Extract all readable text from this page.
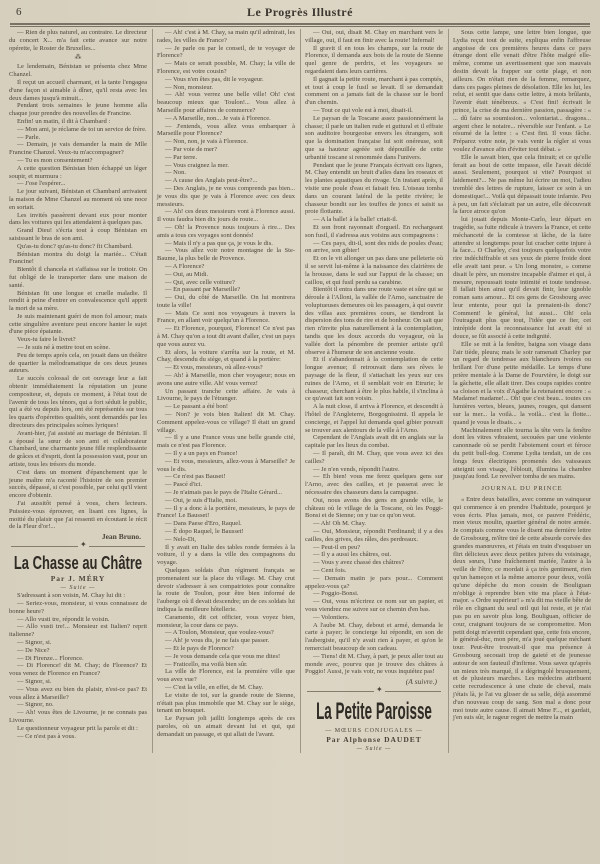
6	Le Progrès Illustré

— Rien de plus naturel, au contraire. Le directeur du concert X... m'a fait cette avance sur notre opérette, le Roster de Bruxelles...

⁂

Le lendemain, Bénistan se présenta chez Mme Chanzel.

Il reçut un accueil charmant, et la tante l'engagea d'une façon si aimable à dîner, qu'il resta avec les deux dames jusqu'à minuit...

Pendant trois semaines le jeune homme alla chaque jour prendre des nouvelles de Francine.

Enfin! un matin, il dit à Chambard :

— Mon ami, je réclame de toi un service de frère.

— Parle.

— Demain, je vais demander la main de Mlle Francine Chanzel. Veux-tu m'accompagner?

— Tu es mon consentement?

A cette question Bénistan bien échappé un léger soupir, et murmura :

— J'ose l'espérer...

Le jour suivant, Bénistan et Chambard arrivaient la maison de Mme Chanzel au moment où une noce en sortait.

Les invités passèrent devant eux pour monter dans les voitures qui les attendaient à quelques pas.

Grand Dieu! s'écria tout à coup Bénistan en saisissant le bras de son ami.

Qu'as-tu donc? qu'as-tu donc? fit Chambard.

Bénistan montra du doigt la mariée... C'était Francine!

Bientôt il chancela et s'affaissa sur le trottoir. On fut obligé de le transporter dans une maison de santé.

Bénistan fit une longue et cruelle maladie. Il rendit à peine d'entrer en convalescence qu'il apprit la mort de sa mère.

Je suis maintenant guéri de mon fol amour; mais cette singulière aventure peut encore hanter le sujet d'une pièce épatante.

Veux-tu faire le livret?

— Je suis né à mettre tout en scène.

Peu de temps après cela, on jouait dans un théâtre de quartier la mélodramatique de ces deux jeunes auteurs.

Le succès colossal de cet ouvrage leur a fait obtenir immédiatement la réputation un jeune compositeur, et, depuis ce moment, à l'état tout de l'avenir de tous les ténors, qui a fort séduit le public, qui a été vu depuis lors, ont été représentés sur tous les quarts d'opérettes qualités, sont demandés par les directeurs des principales scènes lyriques!

Avant-hier, j'ai assisté au mariage de Bénistan. Il a épousé la sœur de son ami et collaborateur Chambard, une charmante jeune fille resplendissante de grâces et d'esprit, dont la possession vaut, pour un artiste, tous les trésors du monde.

C'est dans un moment d'épanchement que le jeune maître m'a raconté l'histoire de son premier succès, dépassé, si c'est possible, par celui qu'il vient encore d'obtenir.

J'ai aussitôt pensé à vous, chers lecteurs. Puissiez-vous éprouver, en lisant ces lignes, la moitié du plaisir que j'ai ressenti en écoutant le récit de la Fleur d'or!...

Jean Bruno.
✦
La Chasse au Châtre
Par J. MÉRY
— Suite —

S'adressant à son voisin, M. Chay lui dit :

— Seriez-vous, monsieur, si vous connaissez de bonne heure?

— Allo vusti tre, répondit le voisin.

— Allo vusti tre!... Monsieur est Italien? reprit italienne?

— Signor, si.

— De Nice?

— Di Firenze... Florence.

— Di Florence! dit M. Chay; de Florence? Et vous venez de Florence en France?

— Signor, si.

— Vous avez eu bien du plaisir, n'est-ce pas? Et vous allez à Marseille?

— Signor, no.

— Ah! vous êtes de Livourne, je ne connais pas Livourne.

Le questionneur voyageur prit la parole et dit :

— Ce n'est pas à vous.

— Ah! c'est à M. Chay, sa main qu'il admirait, les rades, les villes de France?

— Je parle ou par le conseil, de te voyager de Florence?

— Mais ce serait possible, M. Chay; la ville de Florence, est votre cousin?

— Vous n'en êtes pas, dit le voyageur.

— Non, monsieur.

— Ah! vous verrez une belle ville! Oh! c'est beaucoup mieux que Toulon!... Vous allez à Marseille pour affaires de commerce?

— A Marseille, non... Je vais à Florence.

— J'entends, vous allez vous embarquer à Marseille pour Florence?

— Non, non, je vais à Florence.

— Par voie de mer?

— Par terre.

— Vous craignez la mer.

— Non.

— A cause des Anglais peut-être?...

— Des Anglais, je ne vous comprends pas bien... je vous dis que je vais à Florence avec ces deux messieurs.

— Ah! ces deux messieurs vont à Florence aussi. Il vous faudra bien dix jours de route...

— Oh! la Provence nous toujours à rire... Des amis a tous ces voyages sont donnés!

— Mais il n'y a pas que ça, je vous le dis.

— Vous allez voir notre montagne de la Ste-Baume, la plus belle de Provence.

— A Florence?

— Oui, au Midi.

— Qui, avec celle voiture?

— En passant par Marseille?

— Oui, du côté de Marseille. On lui montrera toute la ville!

— Mais Ce sont nos voyageurs à travers la France, en allant voir quelqu'un à Florence.

— Et Florence, pourquoi, Florence! Ce n'est pas à M. Chay qu'on a tout dit avant d'aller, c'est un pays que vous aurez vu.

Et alors, la voiture s'arrêta sur la route, et M. Chay, descendu du siège, et quand à la portière:

— Et vous, messieurs, où allez-vous?

— Ah! à Marseille, mon cher voyageur; nous en avons une autre ville. Ah! vous verrez!

Un passant tranche cette affaire. Je vais à Livourne, le pays de l'étranger.

— Le passant a été bon!

— Non? je vois bien Italien! dit M. Chay. Comment appelez-vous ce village? Il était un grand village.

— Il y a une France vous une belle grande cité, mais ce n'est pas Florence.

— Il y a un pays en France!

— Et vous, messieurs, allez-vous à Marseille? Je vous le dis.

— Ce n'est pas Bauset!

— Pascé d'ici.

— Je n'aimais pas le pays de l'Italie Gérard...

— Oui, je suis d'Italie, moi.

— Il y a donc à la portière, messieurs, le pays de France! Le Bausset!

— Dans Paese d'Ero, Raquel.

— È dopo Raquel, le Bausset!

— Nelo-Di,

Il y avait en Italie des tables ronde fermées à la voiture, il y a dans la ville des compagnons du voyage.

Quelques soldats d'un régiment français se promenaient sur la place du village. M. Chay crut devoir s'adresser à ses compatriotes pour connaître la route de Toulon, pour être bien informé de l'auberge où il devait descendre; un de ces soldats lui indiqua la meilleure hôtellerie.

Caramento, dit cet officier, vous voyez bien, monsieur, la cour dans ce pays.

— A Toulon, Monsieur, que voulez-vous?

— Ah! je vous dis, je ne fais que passer.

— Et le pays de Florence?

— Je vous demande cela que vous me dites!

— Fraticello, ma voilà bien sûr.

La ville de Florence, est la première ville que vous avez vue?

— C'est la ville, en effet, de M. Chay.

Le visite de toi, sur la grande route de Sienne, n'était pas plus immobile que M. Chay sur le siège, tenant un bouquet.

Le Paysan joli jaillit longtemps après de ces paroles, où un aimait devant lui et qui, qui demandait un passage, et qui allait de l'avant.

— Oui, oui, disait M. Chay en marchant vers le village, oui, il faut en finir avec la route! Infernal!

Il gravit il en tous les champs, sur la route de Florence, il demanda aux bois de la route de Sienne quel genre de perdrix, et les voyageurs se regardaient dans leurs carrières.

Il gagnait la petite route, marchant à pas comptés, et tout à coup le fusil se levait. Il se demandait comment on a jamais fait de la chasse sur le bord d'un chemin.

— Tout ce qui vole est à moi, disait-il.

Le paysan de la Toscane assez passionnément la chasse; il parle un italien rude et guttural et il effraie son auditoire bourgeoise envers les étrangers, soit que la domination française lui soit onéreuse, soit que sa hauteur agréée soit dépouillée de cette urbanité toscane si renommée dans l'univers.

Pendant que le jeune Français écrivait ces lignes, M. Chay entendit un bruit d'ailes dans les roseaux et les plantes aquatiques du rivage. Un instant après, il visite une poule d'eau et faisait feu. L'oiseau tomba dans un courant latéral de la petite rivière; le chasseur bondit sur les touffes de joncs et saisit sa proie flottante.

— A la balle! à la balle! criait-il.

Et son front rayonnait d'orgueil. En rechargeant son fusil, il s'adressa aux voisins aux compagnons :

— Ces pays, dit-il, sont des nids de poules d'eau; on arrive, son gibier!

Et on le vit allonger un pas dans une pelleterie où il se servit lui-même à la naissance des clairières de la brousse, dans le sud sur l'appui de la chasse; un caillou, et qui fusil perdu sa carabine.

Bientôt il entra dans une route vaste et sûre qui se déroule à l'Alloni, la vallée de l'Arno, sanctuaire de voluptueuses demeures où les passagers, à qui ouvrir des villas aux premières cours, se tiendront la dispersion des tons de rire et de bonheur. On sait que rien n'invite plus naturellement à la contemplation, tandis que les doux accords du voyageur, où la vallée dort la pénombre de premier artiste qu'il observe à l'humeur de son ancienne voute.

Et il s'abandonnait à la contemplation de cette longue avenue; il retrouvait dans ses rêves le paysage de la fleur, il s'attachait les yeux sur ces ruines de l'Arno, et il semblait voir en Etrurie; le chasseur, cherchant à être le plus habile, il s'inclina à ce qu'avait fait son voisin.

A la nuit close, il arriva à Florence, et descendit à l'hôtel de l'Angleterre, Borgognissimi. Il appela le concierge, et l'appel lui demanda quel gibier pouvait se trouver aux alentours de la ville à l'Arno.

Cependant de l'Anglais avait dit en anglais sur la capitale par les lieux du combat.

— Il paraît, dit M. Chay, que vous avez ici des cailles?

— Je n'en vends, répondit l'autre.

— Eh bien! vous me ferez quelques gens sur l'Arno, avec des cailles, et je passerai avec le nécessaire des chasseurs dans la campagne.

Oui, nous avons des gens en grande ville, le château où le village de la Toscane, où les Poggi-Bonsi et de Sienne; on y tue ce qu'on veut.

— Ah! Oh M. Chay.

— Oui, Monsieur, répondit Ferdinand; il y a des cailles, des grives, des râles, des perdreaux.

— Peut-il en peu?

— Il y a aussi les châtres, oui.

— Vous y avez chassé des châtres?

— Cent fois.

— Demain matin je pars pour... Comment appelez-vous ça?

— Poggio-Bonsi.

— Oui, vous m'écrirez ce nom sur un papier, et vous viendrez me suivre sur ce chemin d'en bas.

— Volontiers.

A l'aube M. Chay, debout et armé, demanda le carte à payer; le concierge lui répondit, en son de l'aubergiste, qu'il n'y avait rien à payer, et qu'on le remerciait beaucoup de son cadeau.

— Tiens! dit M. Chay, à part, je peux aller tout au monde avec, pourvu que je trouve des châtres à Poggio! Aussi, je vais voir, ne vous inquiétez pas!

(A suivre.)
✦
La Petite Paroisse
— MŒURS CONJUGALES —
Par Alphonse DAUDET
— Suite —

Sous cette lampe, une lettre bien longue, que Lydia reçut tout de suite, expliqua enfin l'affreuse angoisse de ces premières heures dans ce pays étrange dont elle venait d'être l'hôte malgré elle-même, comme un avertissement que son mauvais destin devait la frapper sur cette plage, et non ailleurs. On n'était rien de la femme, remarquez, dans ces pages pleines de désolation. Elle les lut, les relut, et sentit que dans cette lettre, à mots brûlants, l'avenir était ténébreux. « C'est fini! écrivait le prince, la crise de ma dernière passion, passagère : « ... dû faire sa soumission... volontariat... dragons... argent chez le notaire... réversible sur l'enfant. » Le résumé de la lettre : « C'est fini. Il vous fâche. Préparez votre note, je vais venir la régler si vous voulez d'avance afin d'éviter tout débat. »

Elle le savait bien, que cela finirait; et ce qu'elle ferait au bout de cette impasse, elle l'avait décidé aussi. Seulement, pourquoi si vite? Pourquoi si laidement?... Ne pas même lui écrire un mot, l'adieu tremblé des lettres de rupture, laisser ce soin à un domestique!... Voilà qui dépassait toute infamie. Peu à peu, un fait s'éclairait par un autre, elle découvrait la farce atroce qu'on

lui jouait depuis Monte-Carlo, leur départ en tragédie, sa fuite ridicule à travers la France, et cette méchanceté de la comtesse si lâche, de la faire attendre si longtemps pour lui cracher cette injure à la face... O Charley, c'est toujours quelquefois votre rire indéchiffrable et ses yeux de pierre froide dont elle avait tant peur. « Un long monstre, » comme disait le père, un monstre incapable d'aimer et qui, à mesure, repoussait toute intimité et toute tendresse. Il fallait bien ainsi qu'il devait finir, leur ignoble roman sans amour... Et ces gens de Grosbourg avec leur entente, pour qui la prenaient-ils donc? Comment! le général, lui aussi... Oh! cela l'outrageait plus que tout, l'idée que ce fier, cet intrépide dont la reconnaissance lui avait été si douce, se fût associé à cette indignité.

Elle se mit à la fenêtre, baigna son visage dans l'air tiède, pleura; mais le soir ramenait Charley par un regard de tendresse aux blancheurs ivoires ou brillant l'or d'une petite médaille. Le temps d'une prière mentale à la Dame de Fourvière, le doigt sur la gâchette, elle allait tirer. Des coups rapides contre sa cloison et la voix d'Agathe la retenaient encore : « Madame! madame!... Oh! que c'est beau... toutes ces lumières vertes, bleues, jaunes, rouges, qui dansent sur la mer... la voilà... la voilà... c'est la flotte... quand je vous le disais... »

Machinalement elle tourna la tête vers la fenêtre dont les vitres vibraient, secouées par une violente canonnade où se perdit l'aboiement court et féroce du petit bull-dog. Comme Lydia tendait, un de ces longs feux électriques promenés des vaisseaux atteignit son visage, l'éblouit, illumina la chambre jusqu'au fond. Le revolver tomba de ses mains.

JOURNAL DU PRINCE

« Entre deux batailles, avec comme un vainqueur qui commence à en prendre l'habitude, pourquoi je vous écris. Plus jamais, moi, ce pauvre Frédéric, mon vieux moulin, quartier général de notre armée. Je comptais comme vous le disent ma dernière lettre de Grosbourg, m'être tiré de cette absurde corvée des grandes manœuvres, et j'étais en train d'esquisser un flirt délicieux avec deux petites juives du voisinage, deux sœurs, l'une fraîchement mariée, l'autre à la veille de l'être; ce mordait à ça très gentiment, rien qu'un hameçon et la même amorce pour deux, voilà qu'une dépêche du mon cousin de Bouliguan m'oblige à reprendre bien vite ma place à l'état-major. « Ordre supérieur! » m'a dit ma vieille bête de rôle en clignant du seul œil qui lui reste, et je n'ai pas pu en savoir plus long. Bouliguan, officier de cour, craignant toujours de se compromettre. Mon petit doigt m'avertit cependant que, cette fois encore, le général-duc, mon père, m'a joué quelque méchant tour. Peut-être trouvait-il que ma présence à Grosbourg secouait trop de gaieté et de jeunesse autour de son fauteuil d'infirme. Vous savez qu'après un mieux très marqué, il a dégringolé brusquement, et de plusieurs marches. Les médecins attribuent cette recrudescence à une chute de cheval, mais j'étais là, je l'ai vu glisser de sa selle, déjà assommé d'un nouveau coup de sang. Son mal a donc pour moi toute autre cause. Il aimait Mme F..., et gardait, j'en suis sûr, le rageur regret de mettre la main
